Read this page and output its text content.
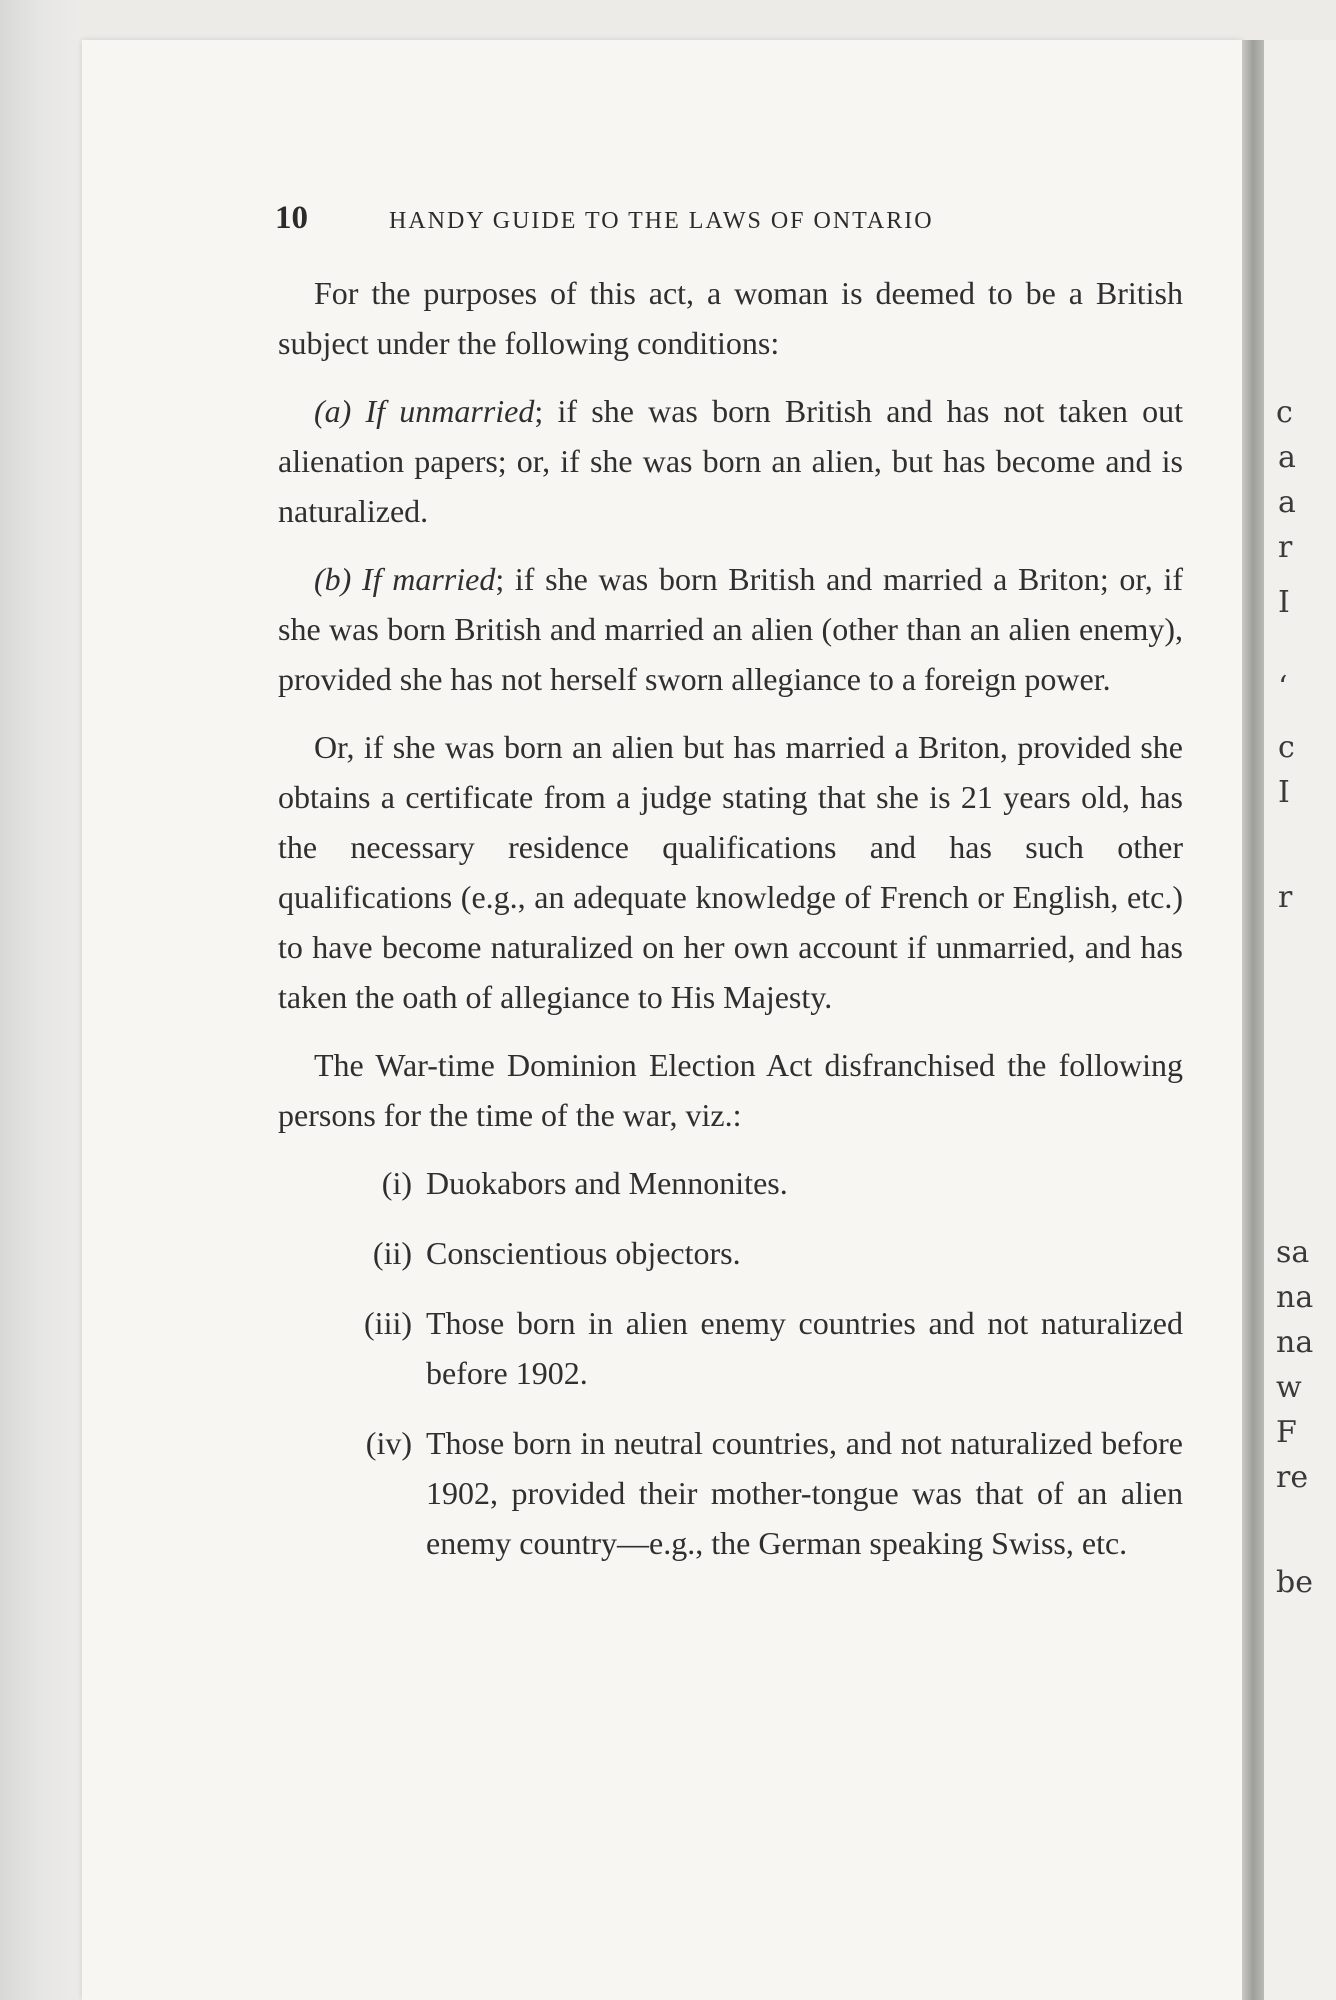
c
a
a
r
I
‘
c
I
r
sa
na
na
w
F
re
be
10	HANDY GUIDE TO THE LAWS OF ONTARIO

For the purposes of this act, a woman is deemed to be a British subject under the following conditions:

(a) If unmarried; if she was born British and has not taken out alienation papers; or, if she was born an alien, but has become and is naturalized.

(b) If married; if she was born British and married a Briton; or, if she was born British and married an alien (other than an alien enemy), provided she has not herself sworn allegiance to a foreign power.

Or, if she was born an alien but has married a Briton, provided she obtains a certificate from a judge stating that she is 21 years old, has the necessary residence qualifications and has such other qualifications (e.g., an adequate knowledge of French or English, etc.) to have become naturalized on her own account if unmarried, and has taken the oath of allegiance to His Majesty.

The War-time Dominion Election Act disfranchised the following persons for the time of the war, viz.:

(i) Duokabors and Mennonites.
(ii) Conscientious objectors.
(iii) Those born in alien enemy countries and not naturalized before 1902.
(iv) Those born in neutral countries, and not naturalized before 1902, provided their mother-tongue was that of an alien enemy country—e.g., the German speaking Swiss, etc.
